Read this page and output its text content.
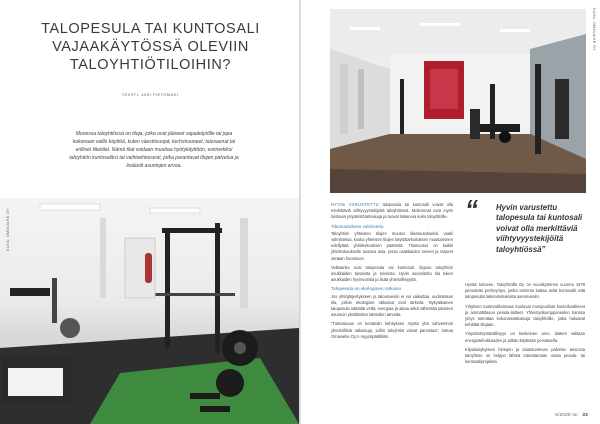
TALOPESULA TAI KUNTOSALI VAJAAKÄYTÖSSÄ OLEVIIN TALOYHTIÖTILOIHIN?
TEKSTI: JARI PIETOMAKI

Monessa taloyhtiössä on tiloja, jotka ovat jääneet vajaakäytölle tai jopa kokonaan vaille käyttöä, kuten väestösuojat, kerhohuoneet, talosaunat tai erilliset liiketilat. Nämä tilat voidaan muuttaa hyötykäyttöön, esimerkiksi taloyhtiön kuntosaliksi tai vaihtoehtoisesti, jotka parantavat tilojen palvelua ja lisäävät asuntojen arvoa.

KUVA: OMAVAIHE OY
KUVA: OMAVAIHE OY

HYVIN VARUSTETTU talopesula tai kuntosali voivat olla merkittäviä viihtyvyystekijöitä taloyhtiössä. Molemmat ovat myös loistavia ympäristöratkaisuja ja tuovat lisäarvoa koko taloyhtiölle.

Tilamuutoksen valmistelu

Taloyhtiön yhteisten tilojen muutos tilamuutokseksi vaatii valmistelua, koska yhteisten tilojen käyttötarkoituksen muuttaminen edellyttää yhtiökokouksen päätöstä. Tilamuutos on kaikki yhtiökokoukselle tuotava asia, jossa osakkaiden toiveet ja tarpeet otetaan huomioon.

Valitaanko uusi talopesula vai kuntosali, riippuu taloyhtiön asukkaiden tarpeista ja toiveista. Hyvin suunniteltu tila tukee asukkaiden hyvinvointia ja lisää yhteisöllisyyttä.

Talopesula on ekologinen ratkaisu

Jos yhtiöjärjestykseen ja talousvesiin ei voi vaikuttaa, uudistetaan tila, jolloin ekologiset ratkaisut ovat tärkeitä. Nykyaikainen talopesula säästää vettä, energiaa ja aikaa sekä vähentää jokaisen asunnon yksittäisten laitteiden tarvetta.

“Tulevaisuus on kestävän kehityksen myötä yhä vahvemmin yhteisöllisiä ratkaisuja, joihin taloyhtiöt voivat panostaa”, toteaa Omavaihe Oy:n myyntipäällikkö.

“ Hyvin varustettu talopesula tai kuntosali voivat olla merkittäviä viihtyvyystekijöitä taloyhtiössä”

Hyvää toimeen. Taloyhtiöllä Oy on vuosikymmen vuonna 1978 perustettu perheyritys, jonka toiminta kattaa sekä kuntosalit että talopesulat laitetoimituksista asennuksiin.

Yrityksen tuotevalikoimaan kuuluvat monipuoliset kuntoiluvälineet ja ammattitason pesula-laitteet. Yhteistyökumppaneiden kanssa yritys toteuttaa kokonaisratkaisuja taloyhtiöille, jotka haluavat kehittää tilojaan.

Ympäristöystävällisyys on keskeinen arvo: laitteet valitaan energiatehokkuuden ja pitkän käyttöiän perusteella.

Kilpailukykyisten hintojen ja asiantuntevan palvelun ansiosta taloyhtiön on helppo lähteä toteuttamaan omaa pesula- tai kuntosaliprojektia.

6/2020 Isi 33
